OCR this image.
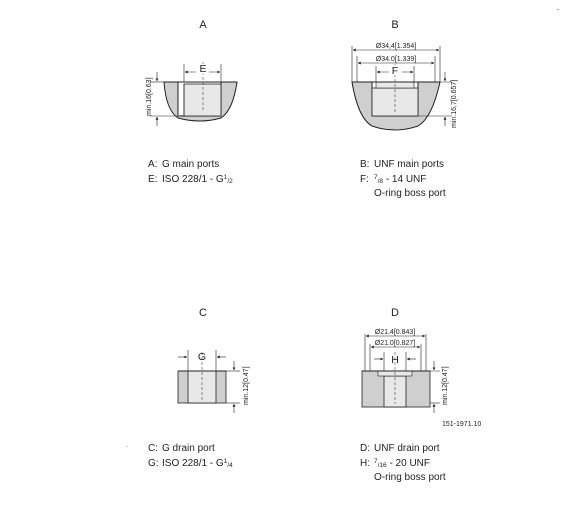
-
.
A
E
min.16[0.63]
B
Ø34,4[1.354]
Ø34.0[1.339]
F
min.16,7[0.657]
C
G
min.12[0.47]
D
Ø21.4[0.843]
Ø21.0[0.827]
H
min.12[0.47]
151-1971.10
A: G main ports
E: ISO $228/1 - G^1/2$
B: UNF main ports
F: $^7$/8 - 14 UNF
O-ring boss port
C: G drain port
G: ISO $228/1 - G^1/4$
D: UNF drain port
H: $^7$/16 - 20 UNF
O-ring boss port
